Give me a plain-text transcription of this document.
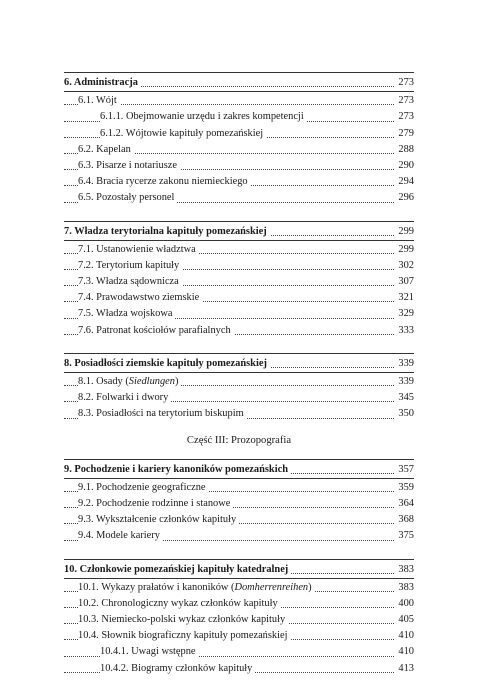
6. Administracja	273
6.1. Wójt	273
6.1.1. Obejmowanie urzędu i zakres kompetencji	273
6.1.2. Wójtowie kapituły pomezańskiej	279
6.2. Kapelan	288
6.3. Pisarze i notariusze	290
6.4. Bracia rycerze zakonu niemieckiego	294
6.5. Pozostały personel	296
7. Władza terytorialna kapituły pomezańskiej	299
7.1. Ustanowienie władztwa	299
7.2. Terytorium kapituły	302
7.3. Władza sądownicza	307
7.4. Prawodawstwo ziemskie	321
7.5. Władza wojskowa	329
7.6. Patronat kościołów parafialnych	333
8. Posiadłości ziemskie kapituły pomezańskiej	339
8.1. Osady (Siedlungen)	339
8.2. Folwarki i dwory	345
8.3. Posiadłości na terytorium biskupim	350
Część III: Prozopografia
9. Pochodzenie i kariery kanoników pomezańskich	357
9.1. Pochodzenie geograficzne	359
9.2. Pochodzenie rodzinne i stanowe	364
9.3. Wykształcenie członków kapituły	368
9.4. Modele kariery	375
10. Członkowie pomezańskiej kapituły katedralnej	383
10.1. Wykazy prałatów i kanoników (Domherrenreihen)	383
10.2. Chronologiczny wykaz członków kapituły	400
10.3. Niemiecko-polski wykaz członków kapituły	405
10.4. Słownik biograficzny kapituły pomezańskiej	410
10.4.1. Uwagi wstępne	410
10.4.2. Biogramy członków kapituły	413
